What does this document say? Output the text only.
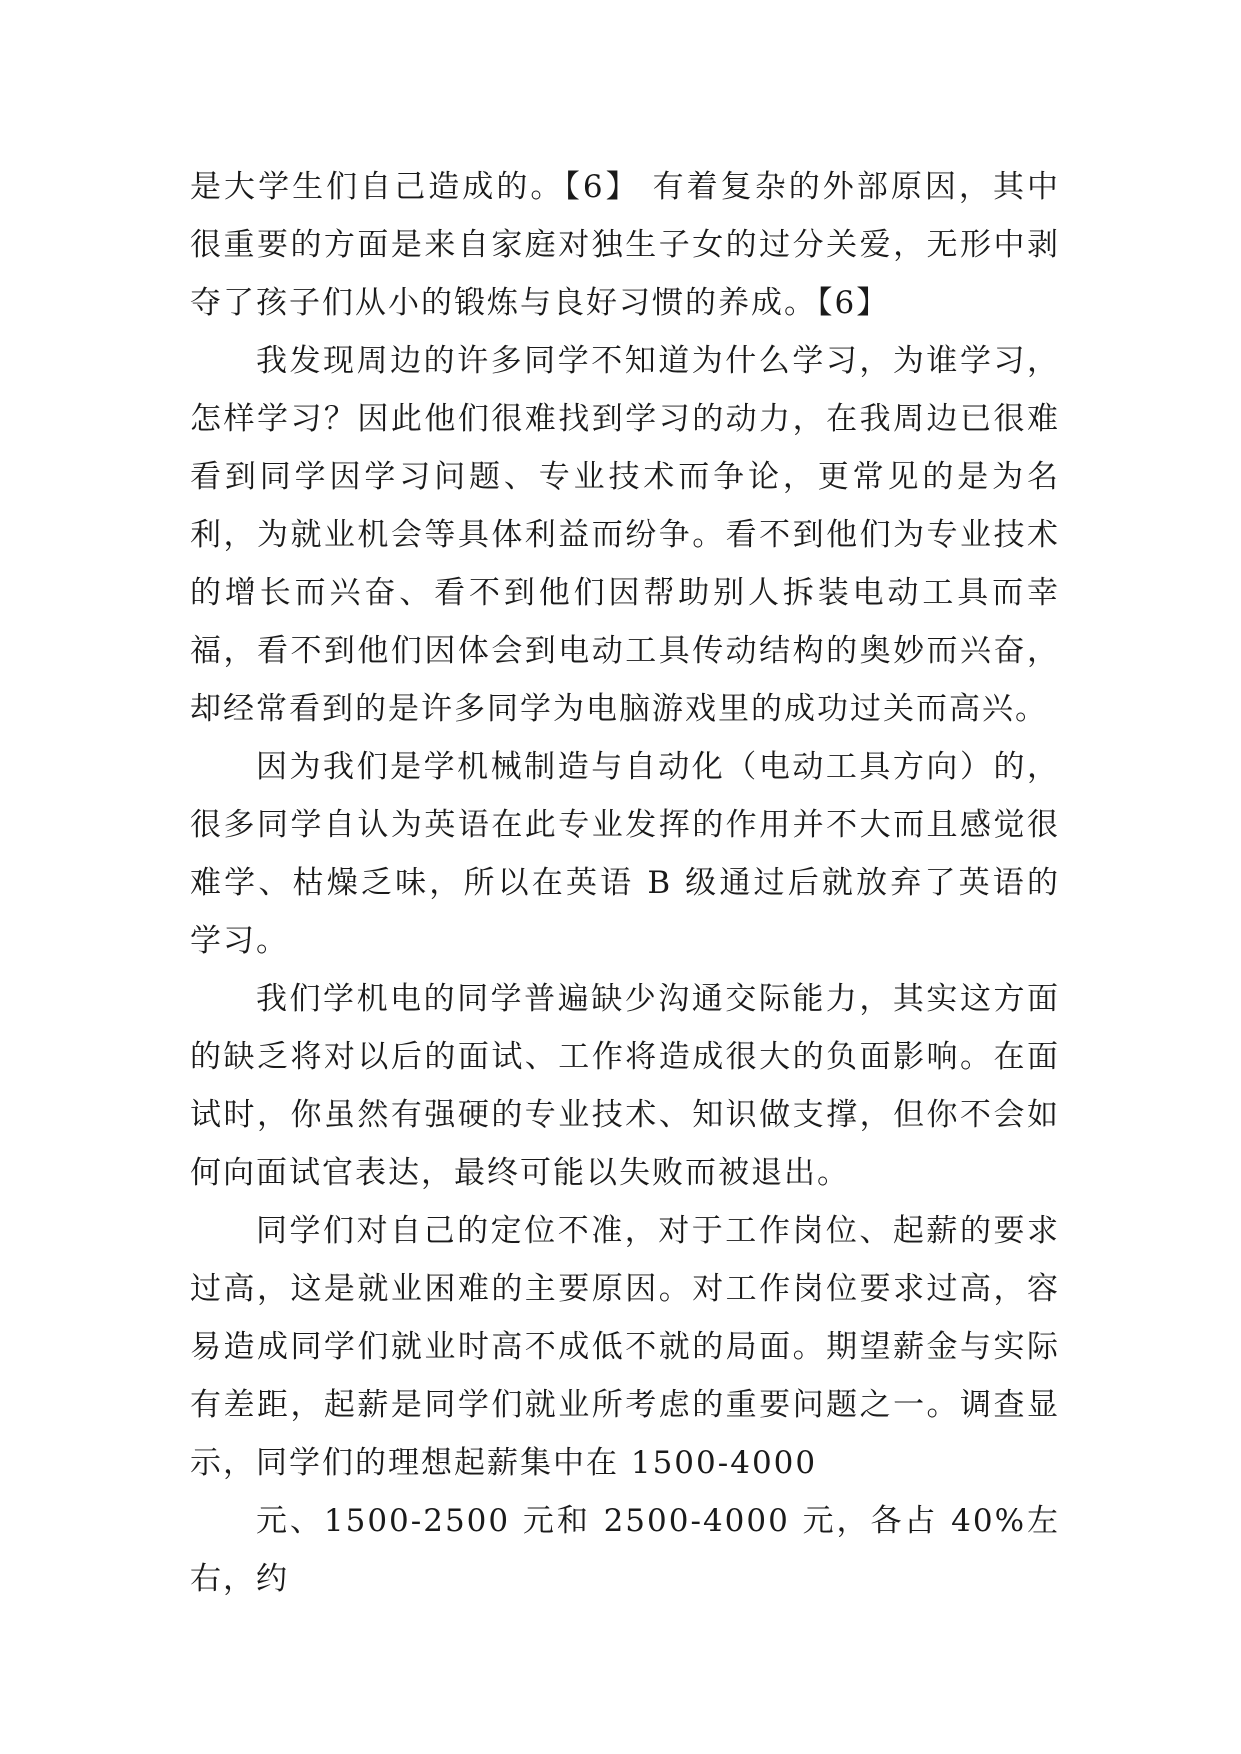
是大学生们自己造成的。【6】 有着复杂的外部原因，其中很重要的方面是来自家庭对独生子女的过分关爱，无形中剥夺了孩子们从小的锻炼与良好习惯的养成。【6】

我发现周边的许多同学不知道为什么学习，为谁学习，怎样学习？因此他们很难找到学习的动力，在我周边已很难看到同学因学习问题、专业技术而争论，更常见的是为名利，为就业机会等具体利益而纷争。看不到他们为专业技术的增长而兴奋、看不到他们因帮助别人拆装电动工具而幸福，看不到他们因体会到电动工具传动结构的奥妙而兴奋，却经常看到的是许多同学为电脑游戏里的成功过关而高兴。

因为我们是学机械制造与自动化（电动工具方向）的，很多同学自认为英语在此专业发挥的作用并不大而且感觉很难学、枯燥乏味，所以在英语 B 级通过后就放弃了英语的学习。

我们学机电的同学普遍缺少沟通交际能力，其实这方面的缺乏将对以后的面试、工作将造成很大的负面影响。在面试时，你虽然有强硬的专业技术、知识做支撑，但你不会如何向面试官表达，最终可能以失败而被退出。

同学们对自己的定位不准，对于工作岗位、起薪的要求过高，这是就业困难的主要原因。对工作岗位要求过高，容易造成同学们就业时高不成低不就的局面。期望薪金与实际有差距，起薪是同学们就业所考虑的重要问题之一。调查显示，同学们的理想起薪集中在 1500-4000

元、1500-2500 元和 2500-4000 元，各占 40%左右，约
